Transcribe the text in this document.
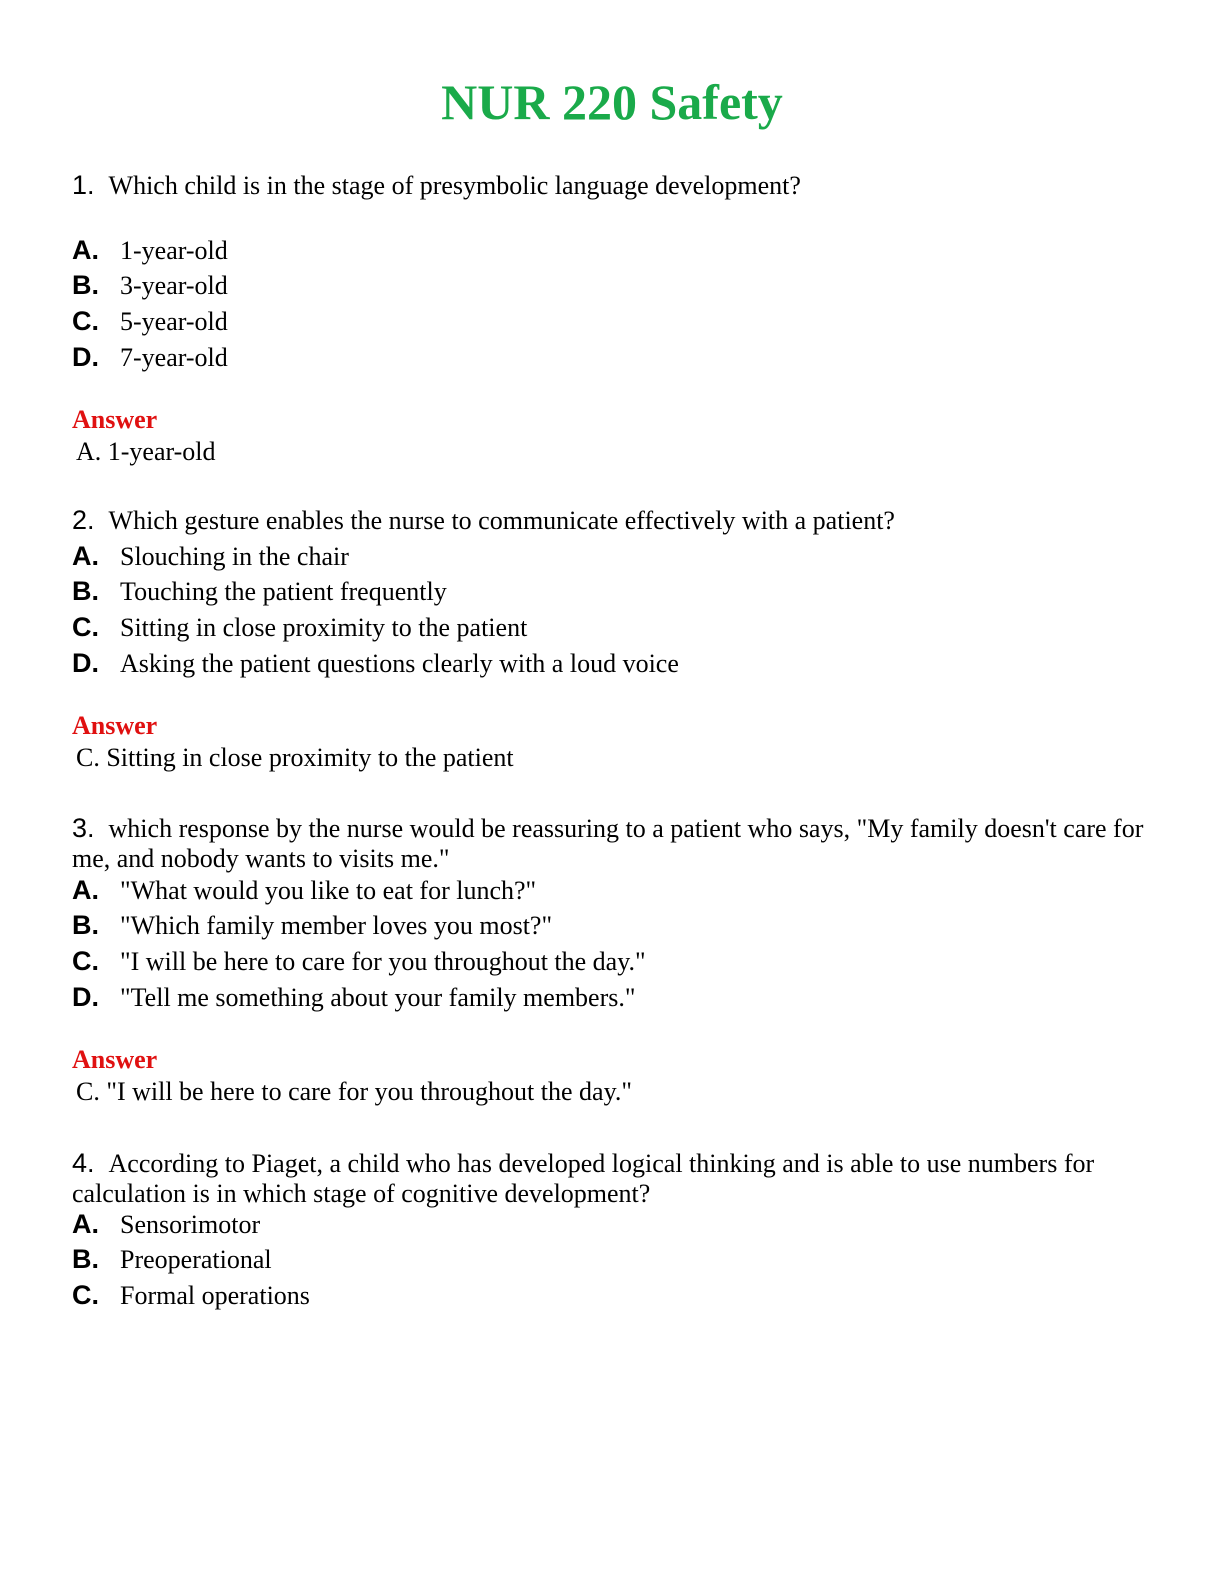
NUR 220 Safety
1. Which child is in the stage of presymbolic language development?
A. 1-year-old
B. 3-year-old
C. 5-year-old
D. 7-year-old
Answer
A. 1-year-old
2. Which gesture enables the nurse to communicate effectively with a patient?
A. Slouching in the chair
B. Touching the patient frequently
C. Sitting in close proximity to the patient
D. Asking the patient questions clearly with a loud voice
Answer
C. Sitting in close proximity to the patient
3. which response by the nurse would be reassuring to a patient who says, "My family doesn't care for me, and nobody wants to visits me."
A. "What would you like to eat for lunch?"
B. "Which family member loves you most?"
C. "I will be here to care for you throughout the day."
D. "Tell me something about your family members."
Answer
C. "I will be here to care for you throughout the day."
4. According to Piaget, a child who has developed logical thinking and is able to use numbers for calculation is in which stage of cognitive development?
A. Sensorimotor
B. Preoperational
C. Formal operations
